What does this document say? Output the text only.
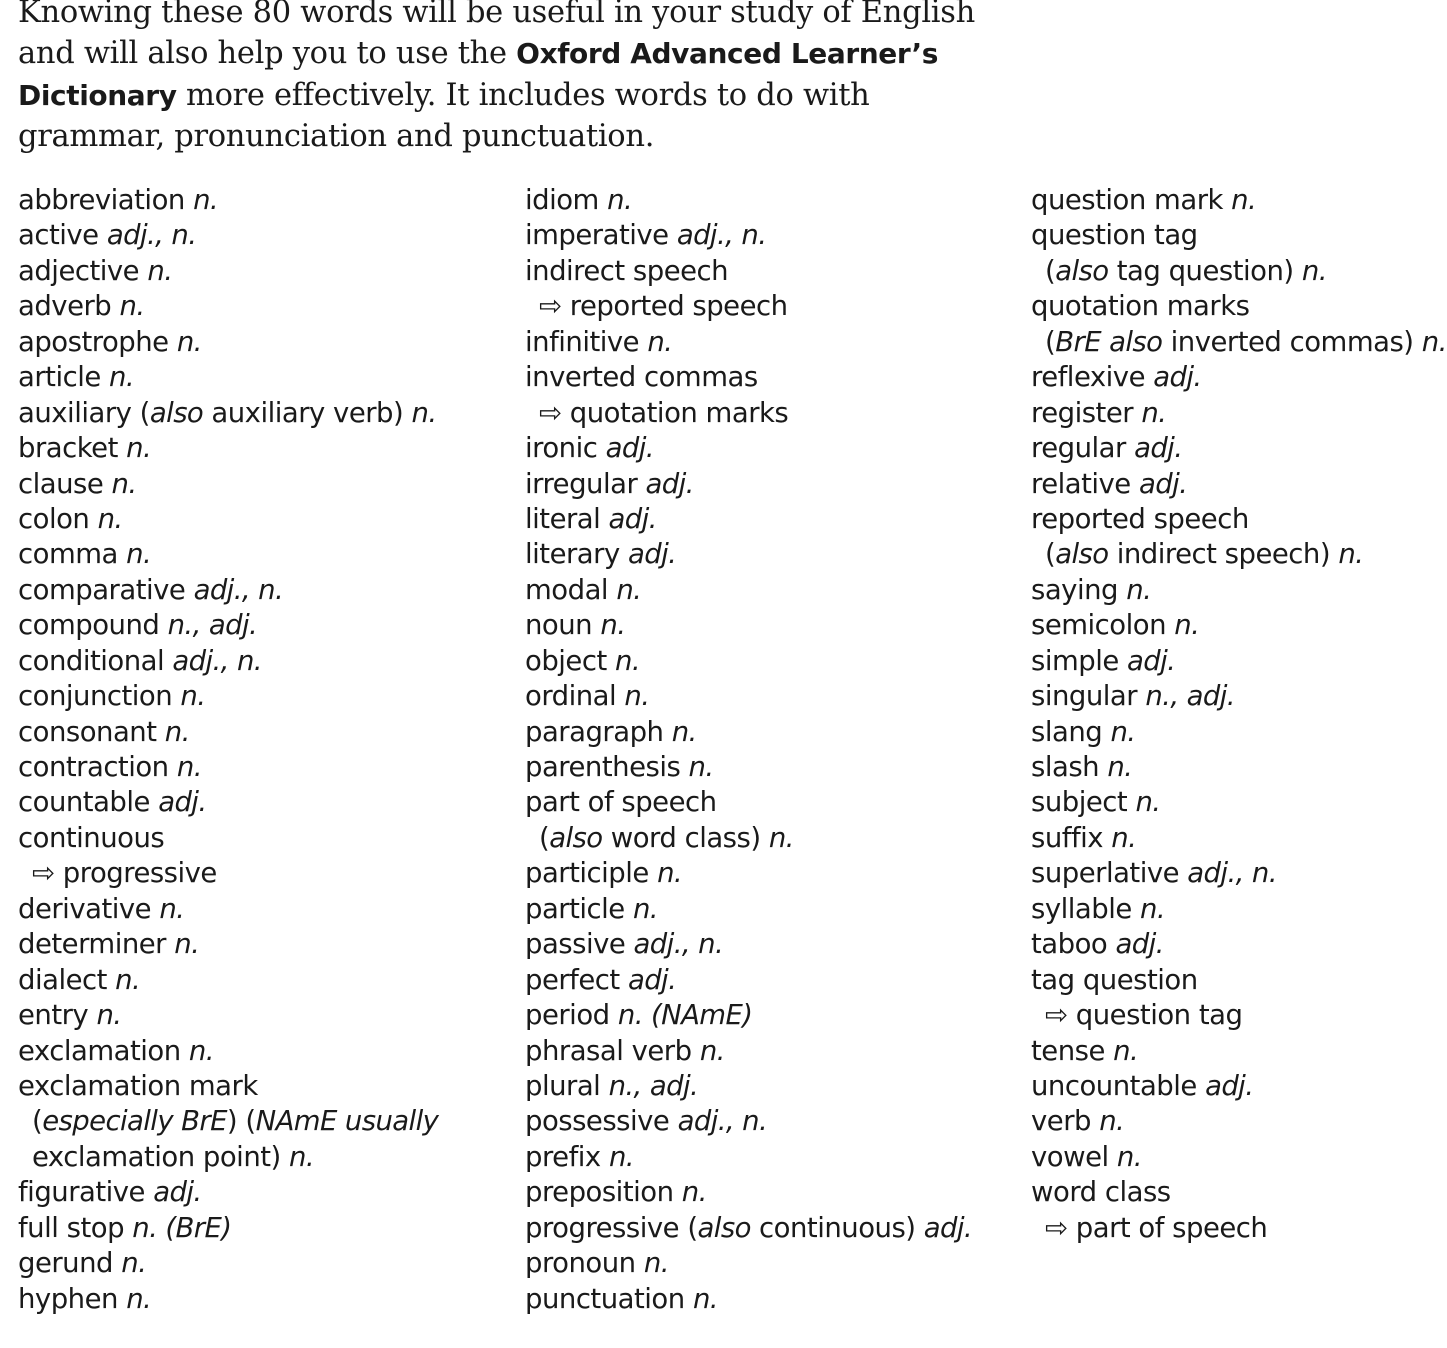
Knowing these 80 words will be useful in your study of English
and will also help you to use the Oxford Advanced Learner’s
Dictionary more effectively. It includes words to do with
grammar, pronunciation and punctuation.

abbreviation n.
active adj., n.
adjective n.
adverb n.
apostrophe n.
article n.
auxiliary (also auxiliary verb) n.
bracket n.
clause n.
colon n.
comma n.
comparative adj., n.
compound n., adj.
conditional adj., n.
conjunction n.
consonant n.
contraction n.
countable adj.
continuous
⇨ progressive
derivative n.
determiner n.
dialect n.
entry n.
exclamation n.
exclamation mark
(especially BrE) (NAmE usually
exclamation point) n.
figurative adj.
full stop n. (BrE)
gerund n.
hyphen n.
idiom n.
imperative adj., n.
indirect speech
⇨ reported speech
infinitive n.
inverted commas
⇨ quotation marks
ironic adj.
irregular adj.
literal adj.
literary adj.
modal n.
noun n.
object n.
ordinal n.
paragraph n.
parenthesis n.
part of speech
(also word class) n.
participle n.
particle n.
passive adj., n.
perfect adj.
period n. (NAmE)
phrasal verb n.
plural n., adj.
possessive adj., n.
prefix n.
preposition n.
progressive (also continuous) adj.
pronoun n.
punctuation n.
question mark n.
question tag
(also tag question) n.
quotation marks
(BrE also inverted commas) n.
reflexive adj.
register n.
regular adj.
relative adj.
reported speech
(also indirect speech) n.
saying n.
semicolon n.
simple adj.
singular n., adj.
slang n.
slash n.
subject n.
suffix n.
superlative adj., n.
syllable n.
taboo adj.
tag question
⇨ question tag
tense n.
uncountable adj.
verb n.
vowel n.
word class
⇨ part of speech
